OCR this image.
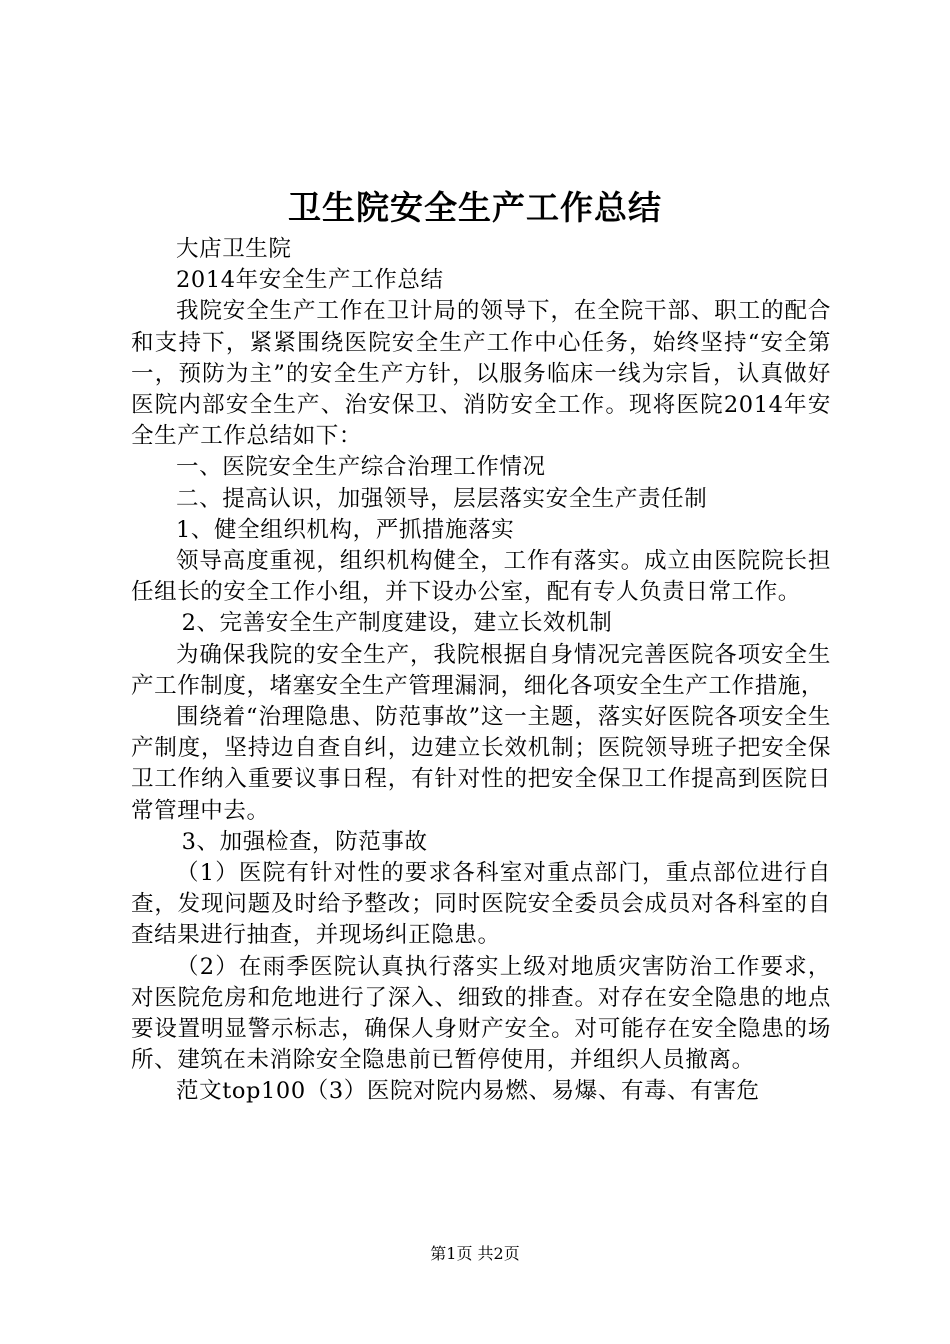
卫生院安全生产工作总结

大店卫生院

2014年安全生产工作总结

我院安全生产工作在卫计局的领导下，在全院干部、职工的配合和支持下，紧紧围绕医院安全生产工作中心任务，始终坚持“安全第一，预防为主”的安全生产方针，以服务临床一线为宗旨，认真做好医院内部安全生产、治安保卫、消防安全工作。现将医院2014年安全生产工作总结如下：

一、医院安全生产综合治理工作情况

二、提高认识，加强领导，层层落实安全生产责任制

1、健全组织机构，严抓措施落实

领导高度重视，组织机构健全，工作有落实。成立由医院院长担任组长的安全工作小组，并下设办公室，配有专人负责日常工作。

2、完善安全生产制度建设，建立长效机制

为确保我院的安全生产，我院根据自身情况完善医院各项安全生产工作制度，堵塞安全生产管理漏洞，细化各项安全生产工作措施，

围绕着“治理隐患、防范事故”这一主题，落实好医院各项安全生产制度，坚持边自查自纠，边建立长效机制；医院领导班子把安全保卫工作纳入重要议事日程，有针对性的把安全保卫工作提高到医院日常管理中去。

3、加强检查，防范事故

（1）医院有针对性的要求各科室对重点部门，重点部位进行自查，发现问题及时给予整改；同时医院安全委员会成员对各科室的自查结果进行抽查，并现场纠正隐患。

（2）在雨季医院认真执行落实上级对地质灾害防治工作要求，对医院危房和危地进行了深入、细致的排查。对存在安全隐患的地点要设置明显警示标志，确保人身财产安全。对可能存在安全隐患的场所、建筑在未消除安全隐患前已暂停使用，并组织人员撤离。

范文top100（3）医院对院内易燃、易爆、有毒、有害危

第1页 共2页
